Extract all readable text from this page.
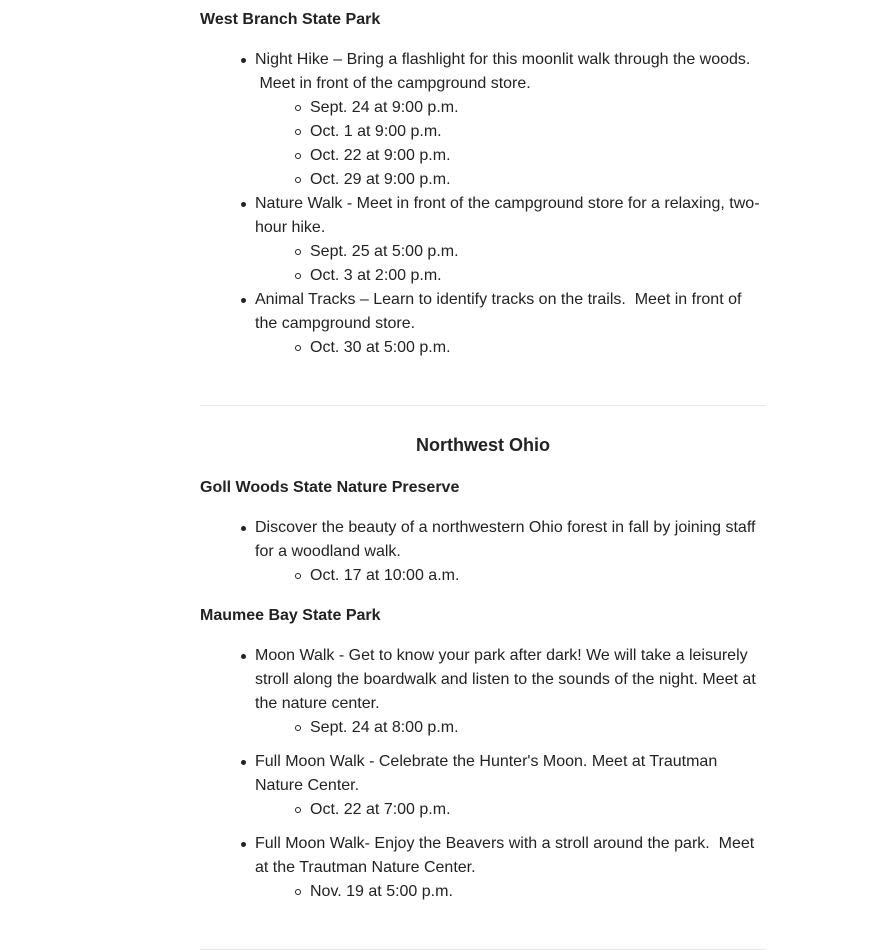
West Branch State Park
Night Hike – Bring a flashlight for this moonlit walk through the woods.
Meet in front of the campground store.
Sept. 24 at 9:00 p.m.
Oct. 1 at 9:00 p.m.
Oct. 22 at 9:00 p.m.
Oct. 29 at 9:00 p.m.
Nature Walk - Meet in front of the campground store for a relaxing, two-
hour hike.
Sept. 25 at 5:00 p.m.
Oct. 3 at 2:00 p.m.
Animal Tracks – Learn to identify tracks on the trails.  Meet in front of
the campground store.
Oct. 30 at 5:00 p.m.
Northwest Ohio
Goll Woods State Nature Preserve
Discover the beauty of a northwestern Ohio forest in fall by joining staff
for a woodland walk.
Oct. 17 at 10:00 a.m.
Maumee Bay State Park
Moon Walk - Get to know your park after dark! We will take a leisurely
stroll along the boardwalk and listen to the sounds of the night. Meet at
the nature center.
Sept. 24 at 8:00 p.m.
Full Moon Walk - Celebrate the Hunter's Moon. Meet at Trautman
Nature Center.
Oct. 22 at 7:00 p.m.
Full Moon Walk- Enjoy the Beavers with a stroll around the park.  Meet
at the Trautman Nature Center.
Nov. 19 at 5:00 p.m.
